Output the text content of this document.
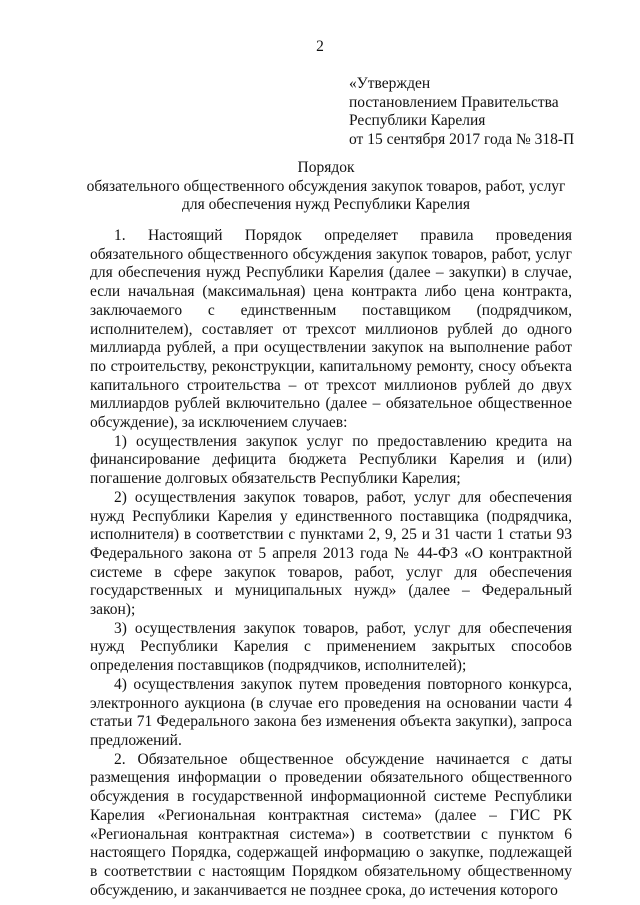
2
«Утвержден
постановлением Правительства
Республики Карелия
от 15 сентября 2017 года № 318-П
Порядок
обязательного общественного обсуждения закупок товаров, работ, услуг
для обеспечения нужд Республики Карелия

1. Настоящий Порядок определяет правила проведения обязательного общественного обсуждения закупок товаров, работ, услуг для обеспечения нужд Республики Карелия (далее – закупки) в случае, если начальная (максимальная) цена контракта либо цена контракта, заключаемого с единственным поставщиком (подрядчиком, исполнителем), составляет от трехсот миллионов рублей до одного миллиарда рублей, а при осуществлении закупок на выполнение работ по строительству, реконструкции, капитальному ремонту, сносу объекта капитального строительства – от трехсот миллионов рублей до двух миллиардов рублей включительно (далее – обязательное общественное обсуждение), за исключением случаев:

1) осуществления закупок услуг по предоставлению кредита на финансирование дефицита бюджета Республики Карелия и (или) погашение долговых обязательств Республики Карелия;

2) осуществления закупок товаров, работ, услуг для обеспечения нужд Республики Карелия у единственного поставщика (подрядчика, исполнителя) в соответствии с пунктами 2, 9, 25 и 31 части 1 статьи 93 Федерального закона от 5 апреля 2013 года № 44-ФЗ «О контрактной системе в сфере закупок товаров, работ, услуг для обеспечения государственных и муниципальных нужд» (далее – Федеральный закон);

3) осуществления закупок товаров, работ, услуг для обеспечения нужд Республики Карелия с применением закрытых способов определения поставщиков (подрядчиков, исполнителей);

4) осуществления закупок путем проведения повторного конкурса, электронного аукциона (в случае его проведения на основании части 4 статьи 71 Федерального закона без изменения объекта закупки), запроса предложений.

2. Обязательное общественное обсуждение начинается с даты размещения информации о проведении обязательного общественного обсуждения в государственной информационной системе Республики Карелия «Региональная контрактная система» (далее – ГИС РК «Региональная контрактная система») в соответствии с пунктом 6 настоящего Порядка, содержащей информацию о закупке, подлежащей в соответствии с настоящим Порядком обязательному общественному обсуждению, и заканчивается не позднее срока, до истечения которого
